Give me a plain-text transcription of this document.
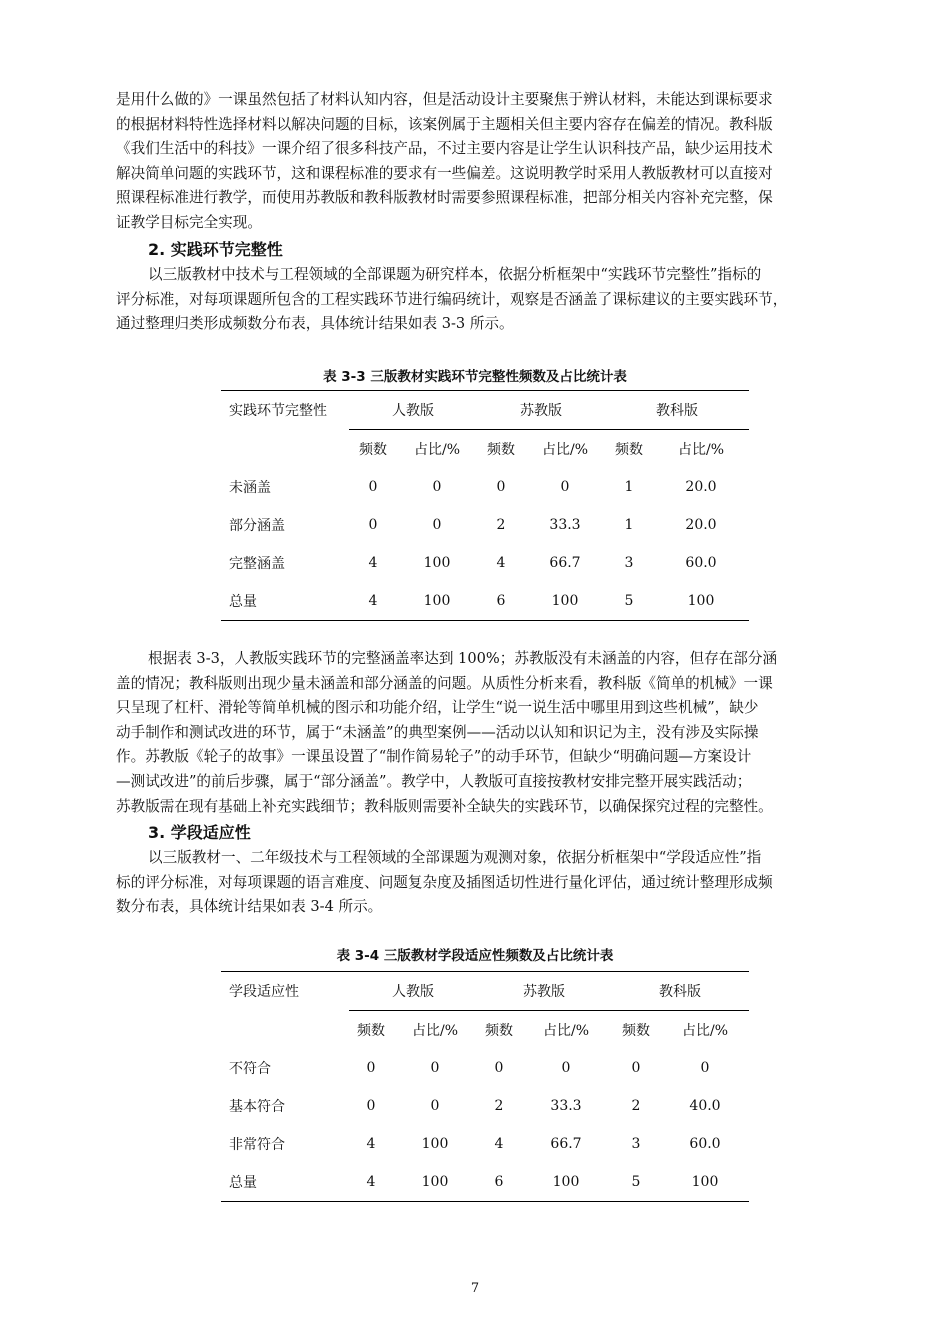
是用什么做的》一课虽然包括了材料认知内容，但是活动设计主要聚焦于辨认材料，未能达到课标要求
的根据材料特性选择材料以解决问题的目标，该案例属于主题相关但主要内容存在偏差的情况。教科版
《我们生活中的科技》一课介绍了很多科技产品，不过主要内容是让学生认识科技产品，缺少运用技术
解决简单问题的实践环节，这和课程标准的要求有一些偏差。这说明教学时采用人教版教材可以直接对
照课程标准进行教学，而使用苏教版和教科版教材时需要参照课程标准，把部分相关内容补充完整，保
证教学目标完全实现。

2. 实践环节完整性

以三版教材中技术与工程领域的全部课题为研究样本，依据分析框架中“实践环节完整性”指标的
评分标准，对每项课题所包含的工程实践环节进行编码统计，观察是否涵盖了课标建议的主要实践环节，
通过整理归类形成频数分布表，具体统计结果如表 3-3 所示。

表 3-3 三版教材实践环节完整性频数及占比统计表

实践环节完整性	人教版		苏教版		教科版	
	频数	占比/%	频数	占比/%	频数	占比/%
未涵盖	0	0	0	0	1	20.0
部分涵盖	0	0	2	33.3	1	20.0
完整涵盖	4	100	4	66.7	3	60.0
总量	4	100	6	100	5	100

根据表 3-3，人教版实践环节的完整涵盖率达到 100%；苏教版没有未涵盖的内容，但存在部分涵
盖的情况；教科版则出现少量未涵盖和部分涵盖的问题。从质性分析来看，教科版《简单的机械》一课
只呈现了杠杆、滑轮等简单机械的图示和功能介绍，让学生“说一说生活中哪里用到这些机械”，缺少
动手制作和测试改进的环节，属于“未涵盖”的典型案例——活动以认知和识记为主，没有涉及实际操
作。苏教版《轮子的故事》一课虽设置了“制作简易轮子”的动手环节，但缺少“明确问题—方案设计
—测试改进”的前后步骤，属于“部分涵盖”。教学中，人教版可直接按教材安排完整开展实践活动；
苏教版需在现有基础上补充实践细节；教科版则需要补全缺失的实践环节，以确保探究过程的完整性。

3. 学段适应性

以三版教材一、二年级技术与工程领域的全部课题为观测对象，依据分析框架中“学段适应性”指
标的评分标准，对每项课题的语言难度、问题复杂度及插图适切性进行量化评估，通过统计整理形成频
数分布表，具体统计结果如表 3-4 所示。

表 3-4 三版教材学段适应性频数及占比统计表

学段适应性	人教版		苏教版		教科版	
	频数	占比/%	频数	占比/%	频数	占比/%
不符合	0	0	0	0	0	0
基本符合	0	0	2	33.3	2	40.0
非常符合	4	100	4	66.7	3	60.0
总量	4	100	6	100	5	100
7
